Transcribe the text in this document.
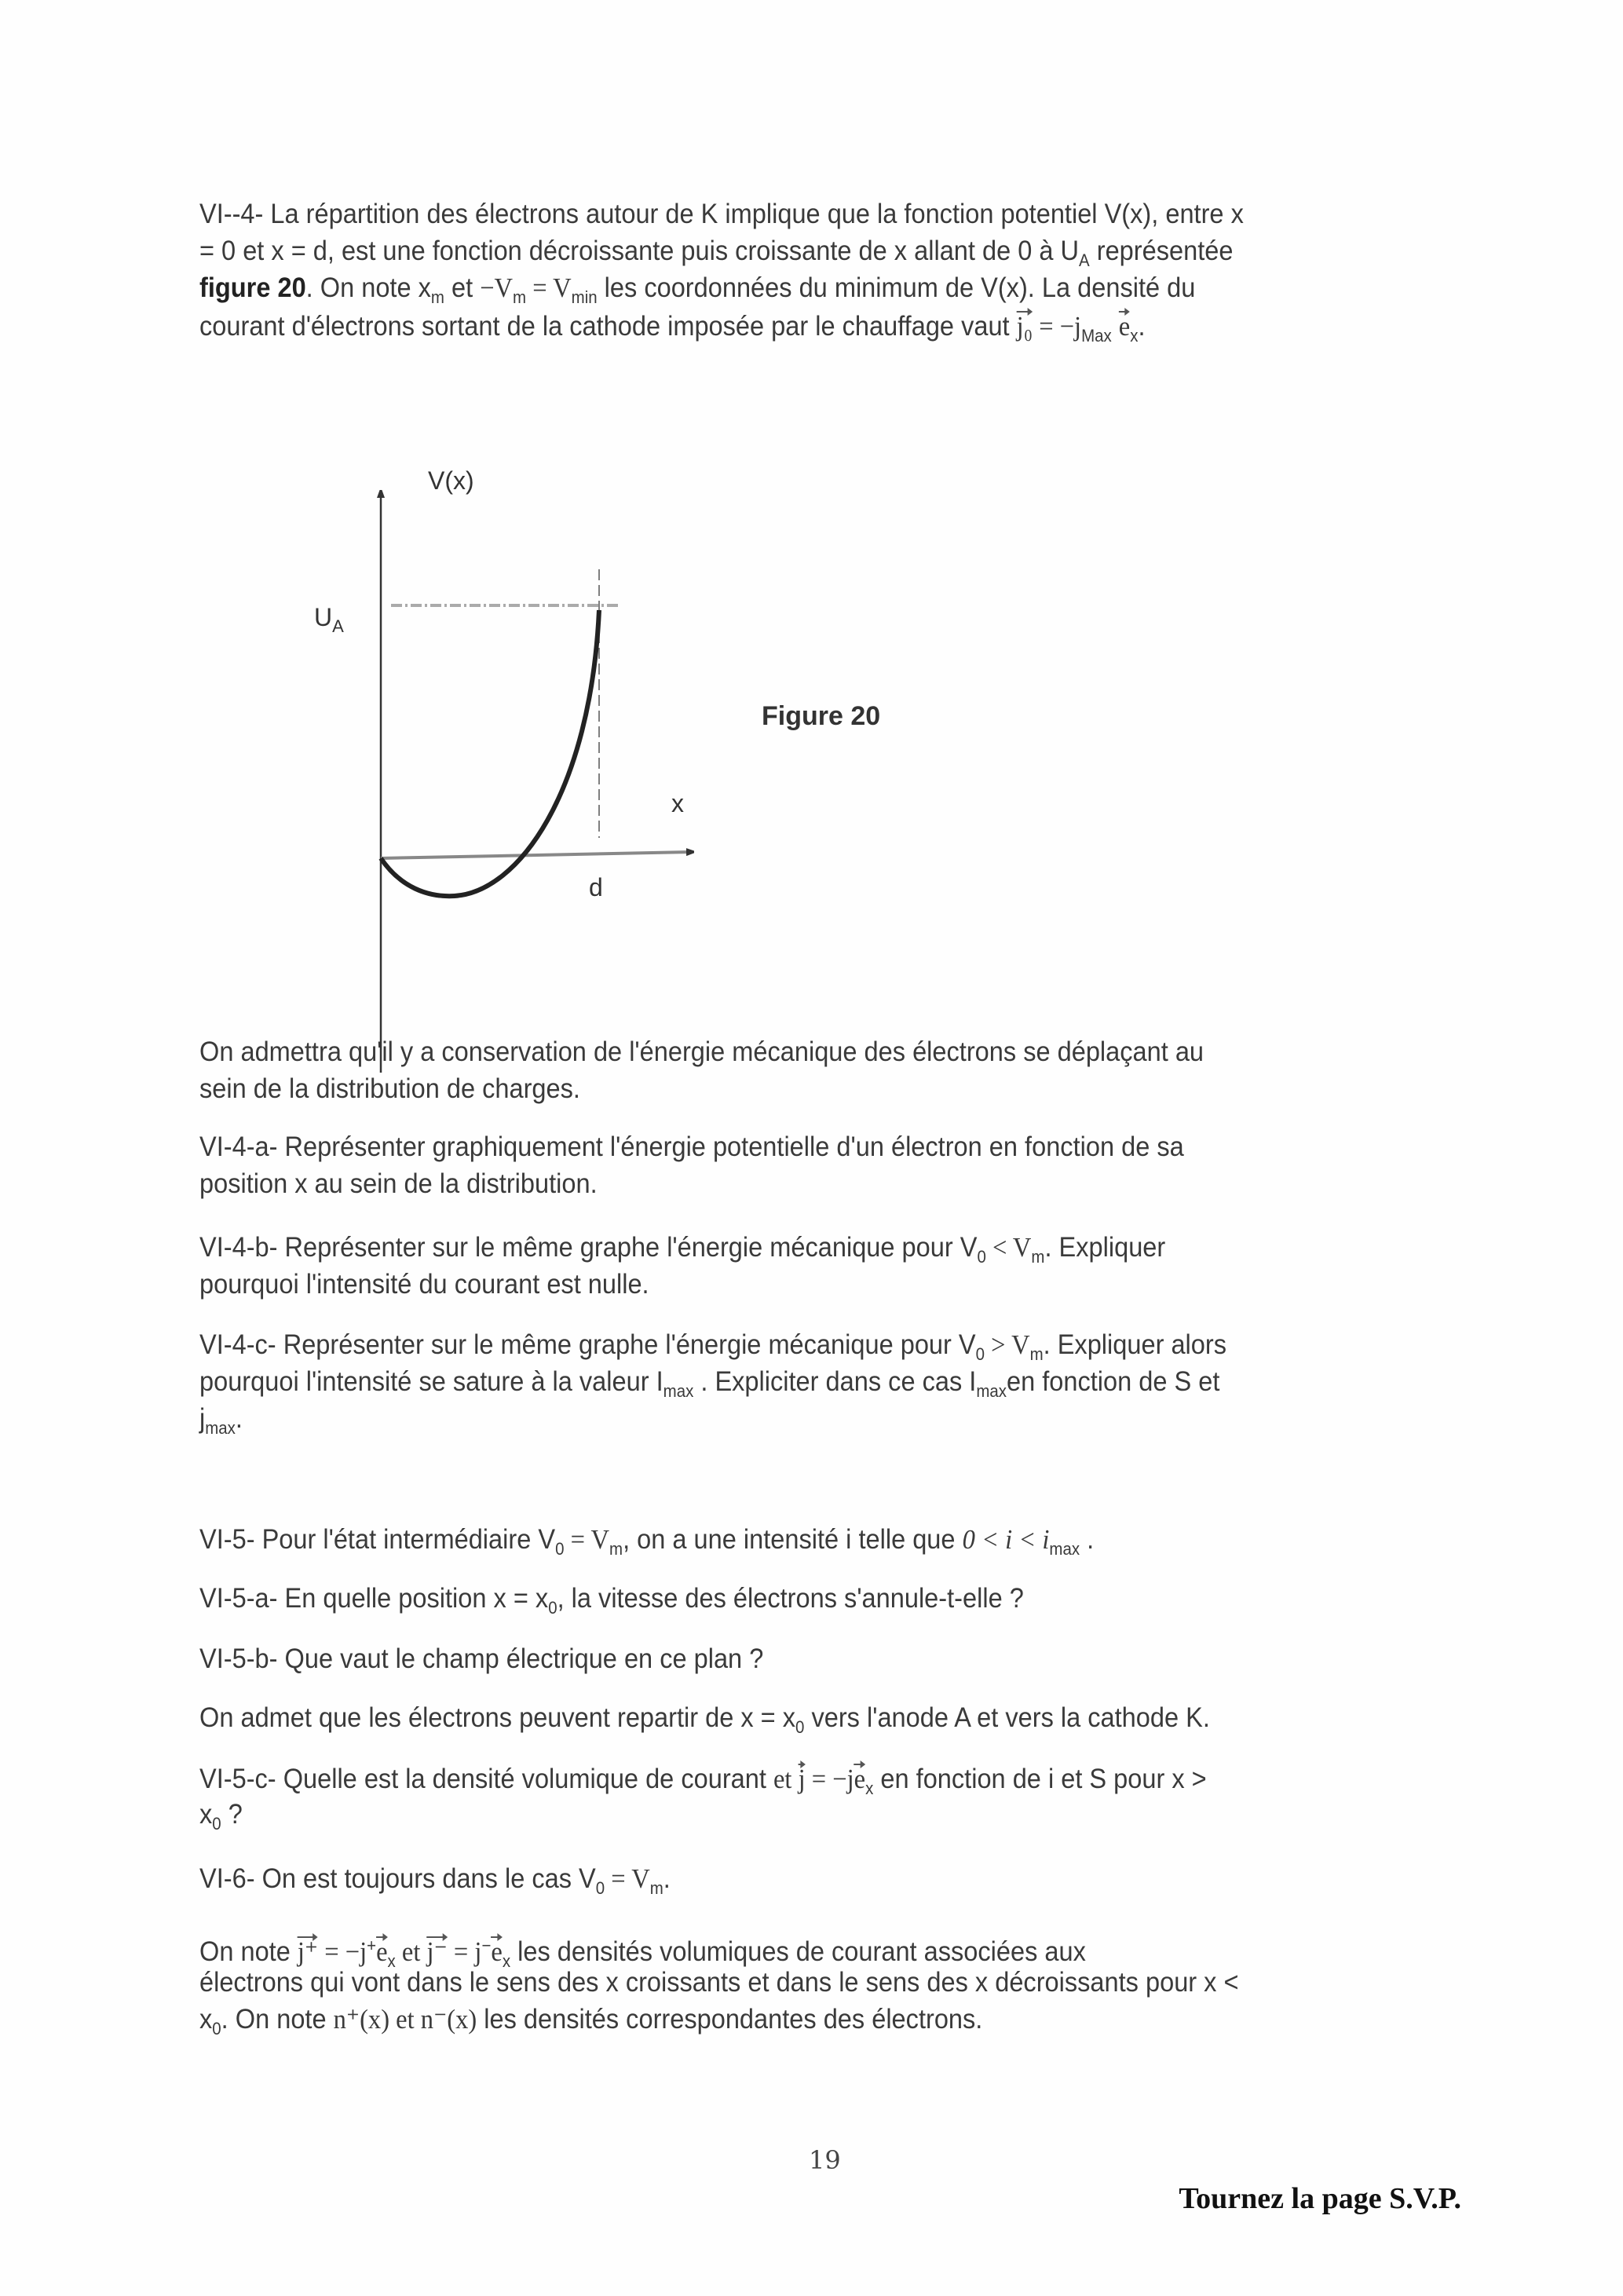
VI--4- La répartition des électrons autour de K implique que la fonction potentiel V(x), entre x
= 0 et x = d, est une fonction décroissante puis croissante de x allant de 0 à $U_A$ représentée
figure 20. On note $x_m$ et $-V_m = V_{min}$ les coordonnées du minimum de V(x). La densité du
courant d'électrons sortant de la cathode imposée par le chauffage vaut $j_0 = -j_{Max}$ $e_x$.
On admettra qu'il y a conservation de l'énergie mécanique des électrons se déplaçant au
sein de la distribution de charges.
VI-4-a- Représenter graphiquement l'énergie potentielle d'un électron en fonction de sa
position x au sein de la distribution.
VI-4-b- Représenter sur le même graphe l'énergie mécanique pour $V_0 < V_m$. Expliquer
pourquoi l'intensité du courant est nulle.
VI-4-c- Représenter sur le même graphe l'énergie mécanique pour $V_0 > V_m$. Expliquer alors
pourquoi l'intensité se sature à la valeur $I_{max}$ . Expliciter dans ce cas $I_{max}en$ fonction de S et
$j_{max}$.
VI-5- Pour l'état intermédiaire $V_0 = V_m$, on a une intensité i telle que $0 < i < i_{max}$ .
VI-5-a- En quelle position $x = x_0$, la vitesse des électrons s'annule-t-elle ?
VI-5-b- Que vaut le champ électrique en ce plan ?
On admet que les électrons peuvent repartir de $x = x_0$ vers l'anode A et vers la cathode K.
VI-5-c- Quelle est la densité volumique de courant et $j = -je_x$ en fonction de i et S pour x >
$x_0$ ?
VI-6- On est toujours dans le cas $V_0 = V_m$.
On note $j^+ = -j^+e_x$ et $j^- = j^-e_x$ les densités volumiques de courant associées aux
électrons qui vont dans le sens des x croissants et dans le sens des x décroissants pour x <
$x_0$. On note n⁺(x) et n⁻(x) les densités correspondantes des électrons.
V(x)
$U_A$
x
d
Figure 20
19
Tournez la page S.V.P.
